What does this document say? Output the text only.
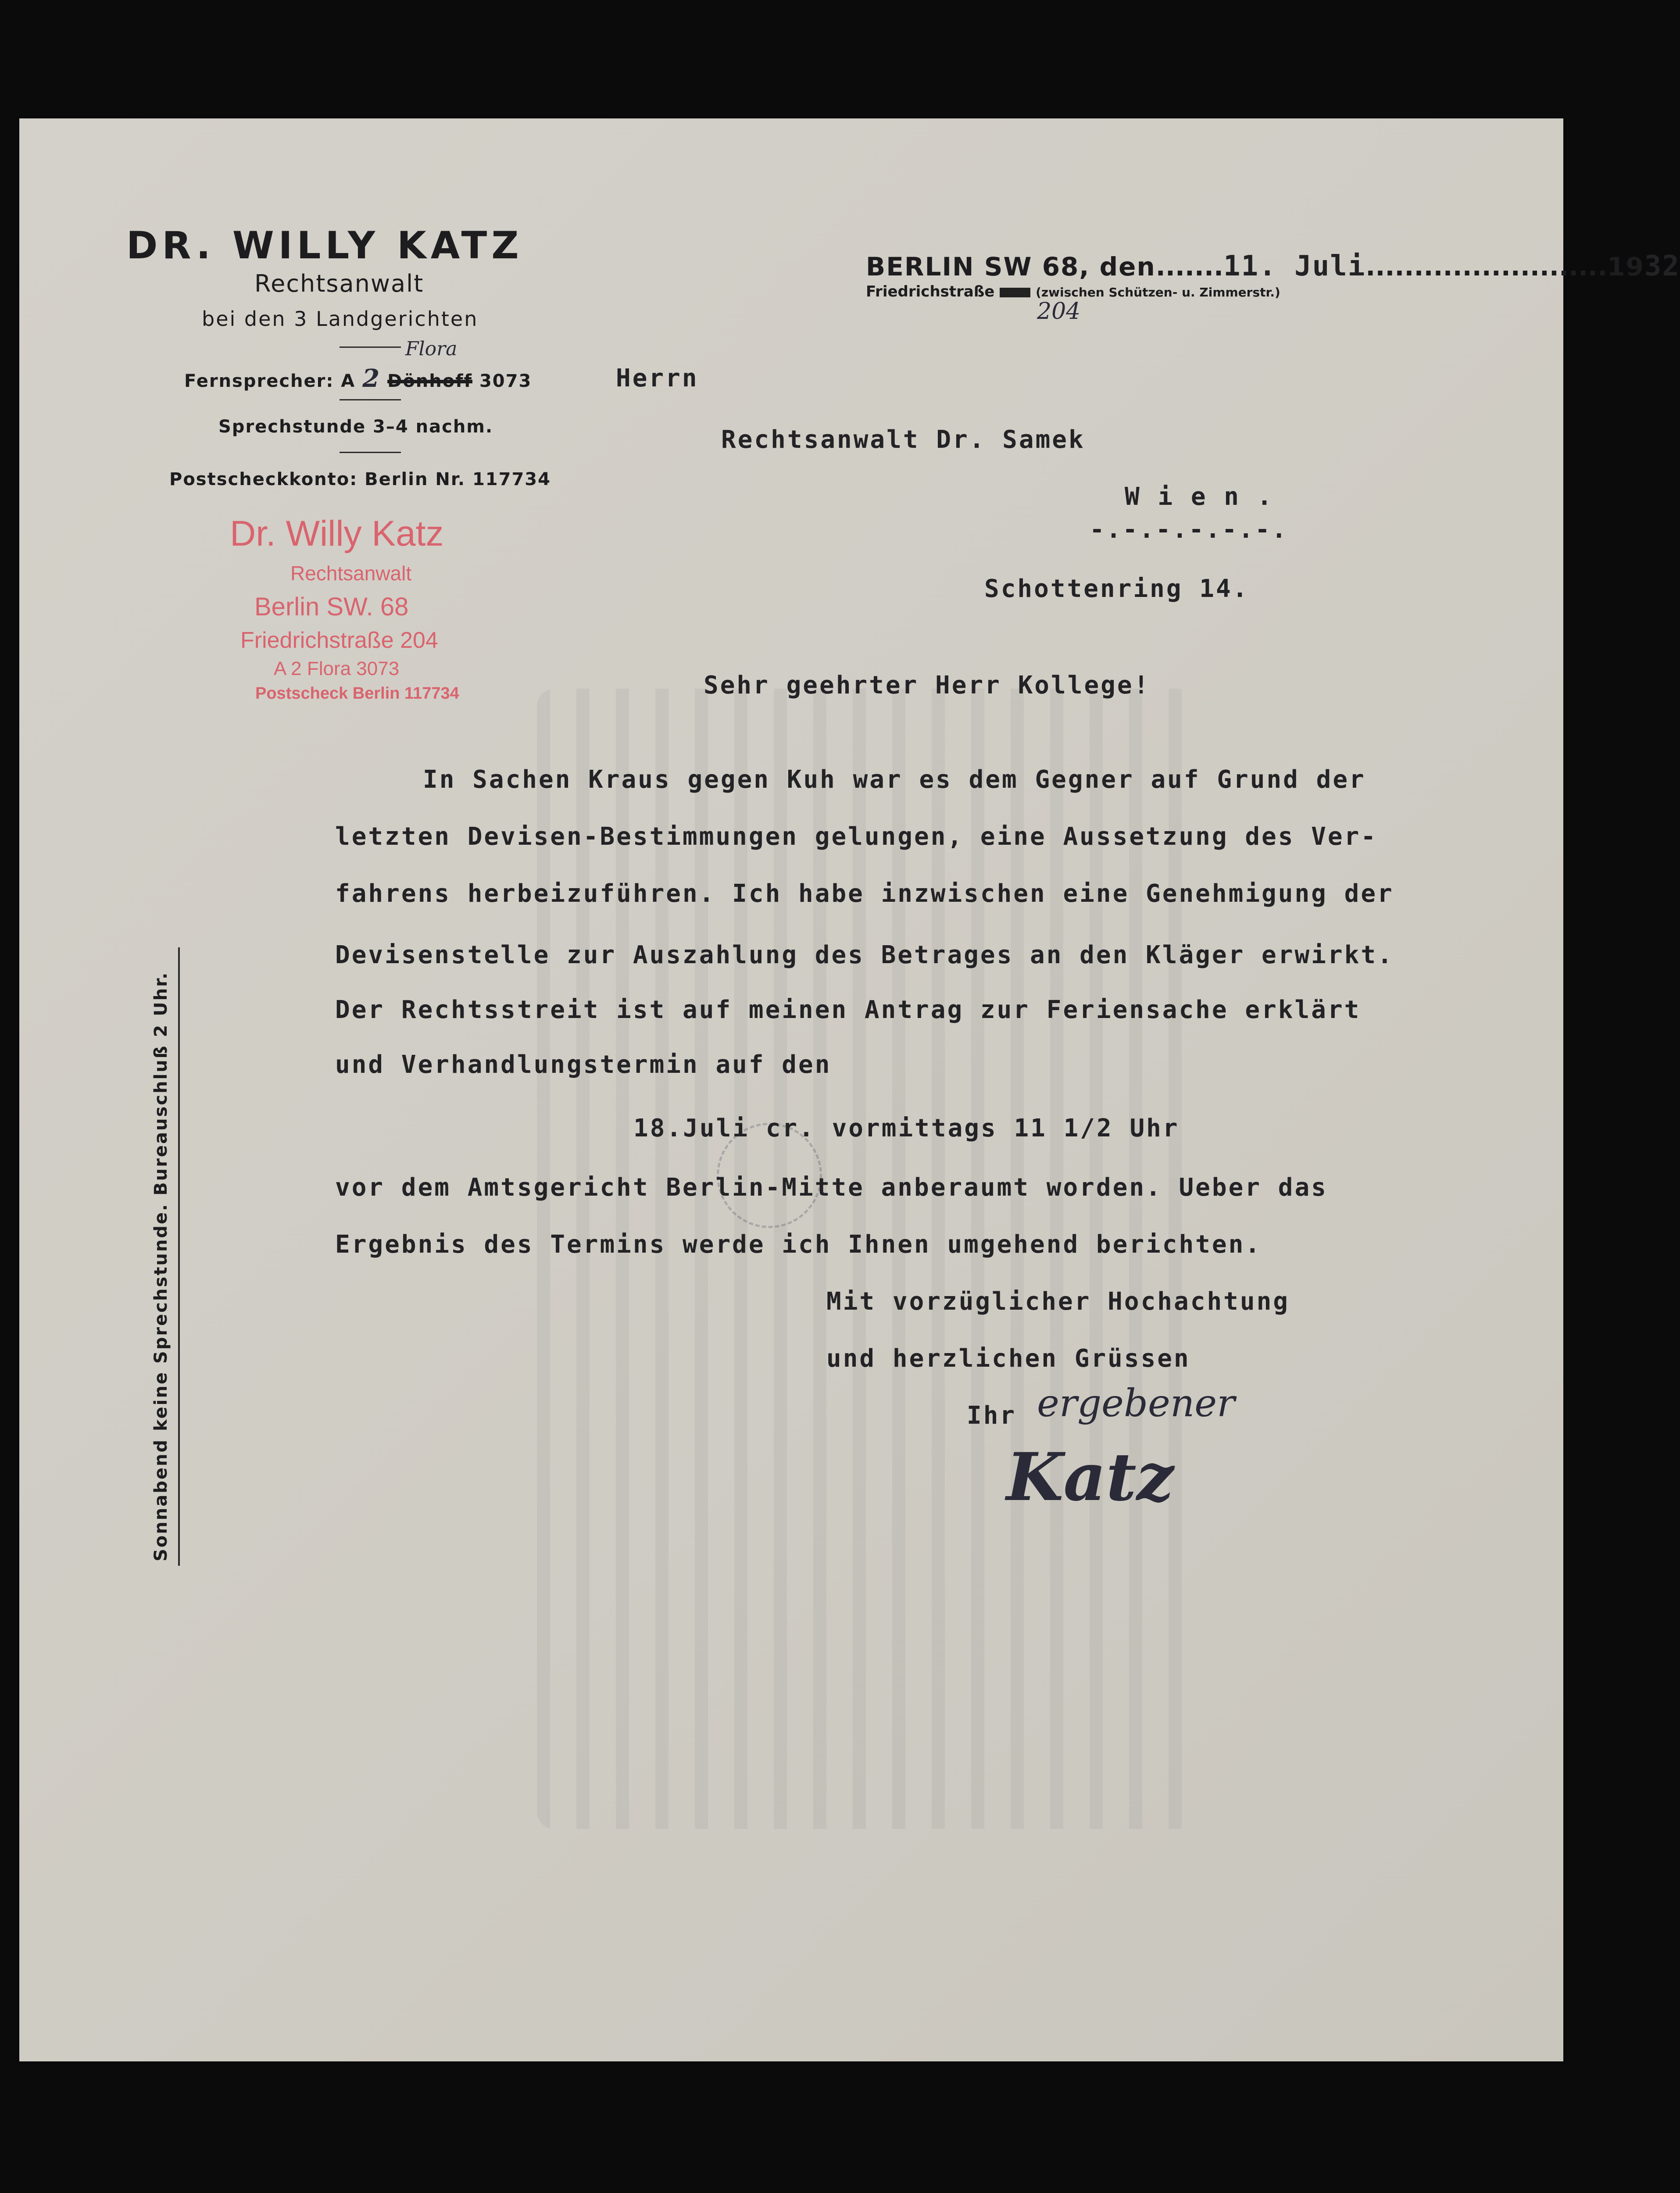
DR. WILLY KATZ
Rechtsanwalt
bei den 3 Landgerichten
Flora
Fernsprecher: A 2 Dönhoff 3073
Sprechstunde 3–4 nachm.
Postscheckkonto: Berlin Nr. 117734
Dr. Willy Katz
Rechtsanwalt
Berlin SW. 68
Friedrichstraße 204
A 2 Flora 3073
Postscheck Berlin 117734
BERLIN SW 68, den.......11. Juli.........................1932
Friedrichstraße	(zwischen Schützen- u. Zimmerstr.)
204
Herrn
Rechtsanwalt Dr. Samek
W i e n .
-.-.-.-.-.-.
Schottenring 14.
Sehr geehrter Herr Kollege!
In Sachen Kraus gegen Kuh war es dem Gegner auf Grund der
letzten Devisen-Bestimmungen gelungen, eine Aussetzung des Ver-
fahrens herbeizuführen. Ich habe inzwischen eine Genehmigung der
Devisenstelle zur Auszahlung des Betrages an den Kläger erwirkt.
Der Rechtsstreit ist auf meinen Antrag zur Feriensache erklärt
und Verhandlungstermin auf den
18.Juli cr. vormittags 11 1/2 Uhr
vor dem Amtsgericht Berlin-Mitte anberaumt worden. Ueber das
Ergebnis des Termins werde ich Ihnen umgehend berichten.
Mit vorzüglicher Hochachtung
und herzlichen Grüssen
Ihr ergebener
Katz
Sonnabend keine Sprechstunde. Bureauschluß 2 Uhr.
